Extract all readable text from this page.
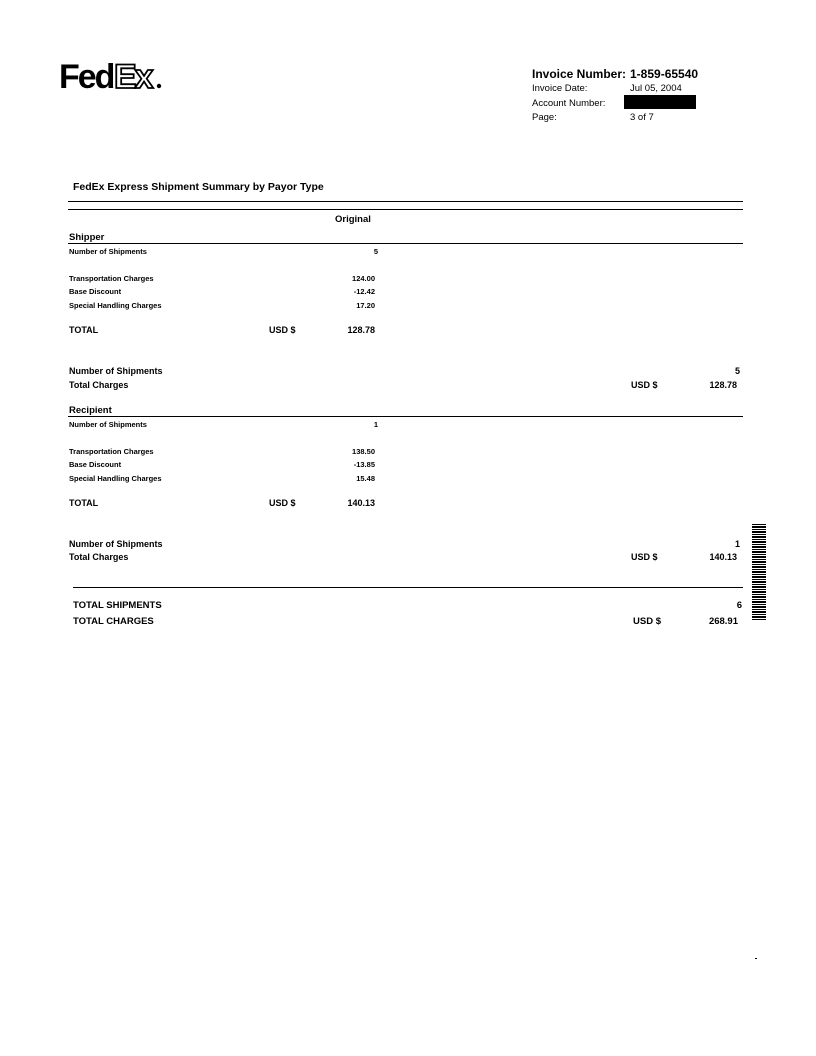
Fed Ex	Invoice Number: 1-859-65540
Invoice Date:	Jul 05, 2004
Account Number:
Page:	3 of 7
FedEx Express Shipment Summary by Payor Type
Original
Shipper
Number of Shipments	5
Transportation Charges	124.00
Base Discount	-12.42
Special Handling Charges	17.20
TOTAL	USD $	128.78
Number of Shipments	5
Total Charges	USD $	128.78
Recipient
Number of Shipments	1
Transportation Charges	138.50
Base Discount	-13.85
Special Handling Charges	15.48
TOTAL	USD $	140.13
Number of Shipments	1
Total Charges	USD $	140.13
TOTAL SHIPMENTS	6
TOTAL CHARGES	USD $	268.91
